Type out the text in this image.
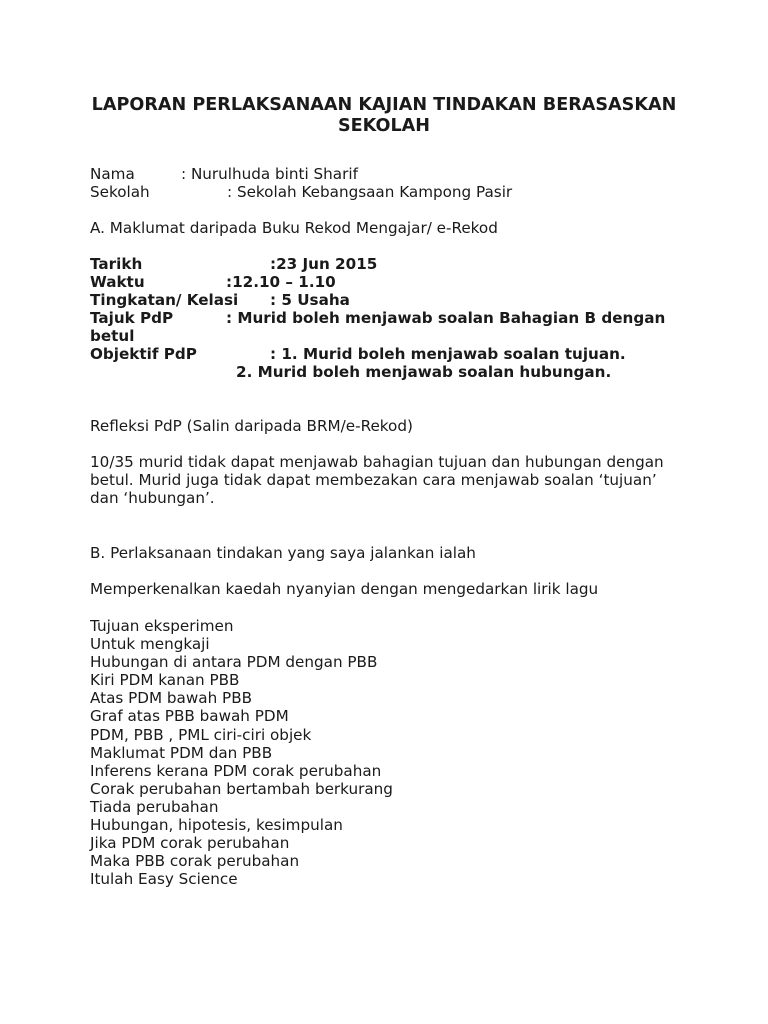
LAPORAN PERLAKSANAAN KAJIAN TINDAKAN BERASASKAN
SEKOLAH
Nama	: Nurulhuda binti Sharif
Sekolah	: Sekolah Kebangsaan Kampong Pasir
A. Maklumat daripada Buku Rekod Mengajar/ e-Rekod
Tarikh	:23 Jun 2015
Waktu	:12.10 – 1.10
Tingkatan/ Kelasi : 5 Usaha
Tajuk PdP	: Murid boleh menjawab soalan Bahagian B dengan
betul
Objektif PdP	: 1. Murid boleh menjawab soalan tujuan.
2. Murid boleh menjawab soalan hubungan.
Refleksi PdP (Salin daripada BRM/e-Rekod)
10/35 murid tidak dapat menjawab bahagian tujuan dan hubungan dengan
betul. Murid juga tidak dapat membezakan cara menjawab soalan ‘tujuan’
dan ‘hubungan’.
B. Perlaksanaan tindakan yang saya jalankan ialah
Memperkenalkan kaedah nyanyian dengan mengedarkan lirik lagu
Tujuan eksperimen
Untuk mengkaji
Hubungan di antara PDM dengan PBB
Kiri PDM kanan PBB
Atas PDM bawah PBB
Graf atas PBB bawah PDM
PDM, PBB , PML ciri-ciri objek
Maklumat PDM dan PBB
Inferens kerana PDM corak perubahan
Corak perubahan bertambah berkurang
Tiada perubahan
Hubungan, hipotesis, kesimpulan
Jika PDM corak perubahan
Maka PBB corak perubahan
Itulah Easy Science
